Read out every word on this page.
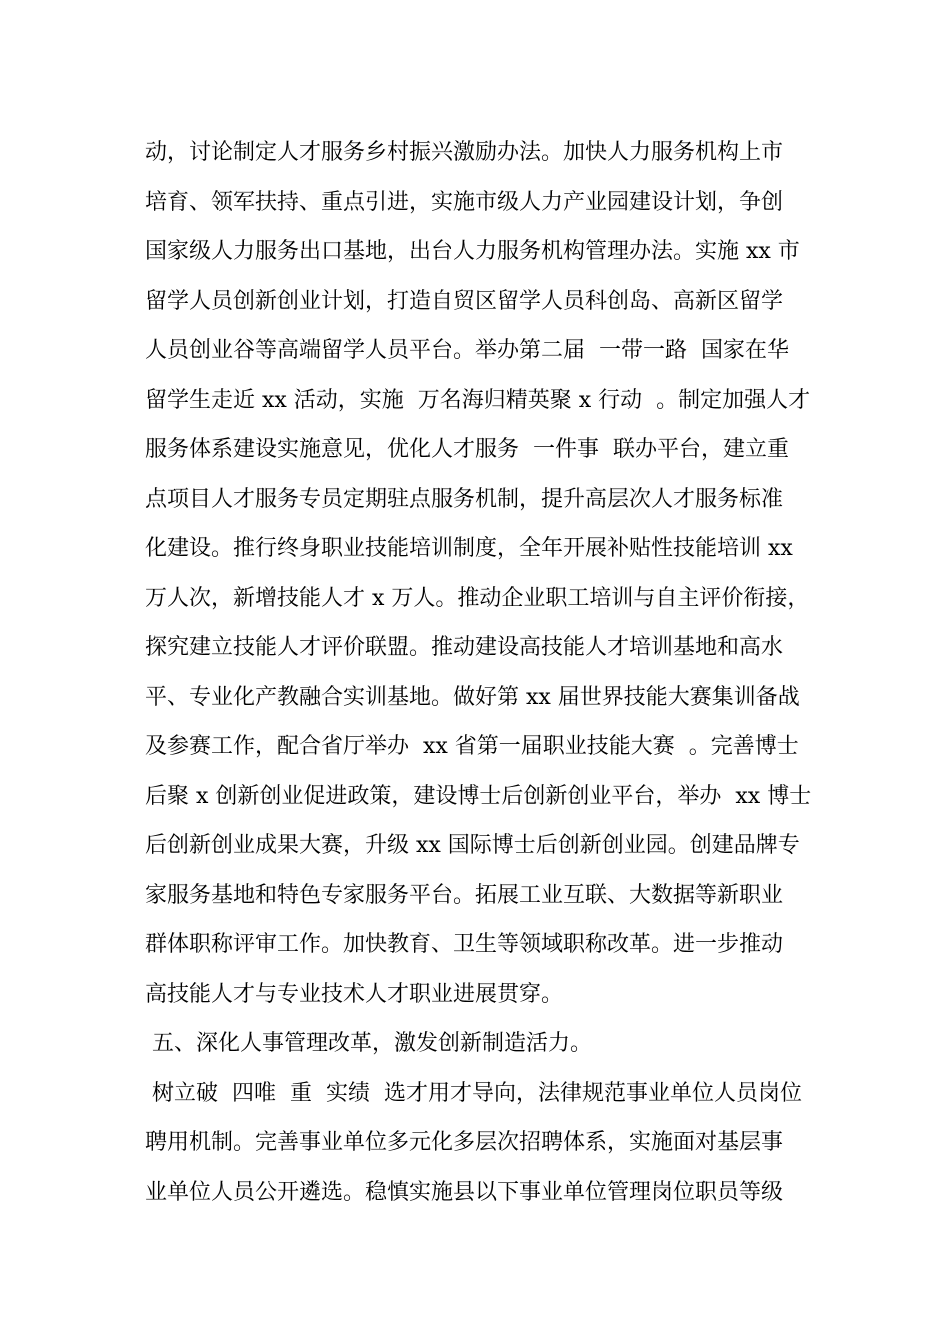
动，讨论制定人才服务乡村振兴激励办法。加快人力服务机构上市
培育、领军扶持、重点引进，实施市级人力产业园建设计划，争创
国家级人力服务出口基地，出台人力服务机构管理办法。实施 xx 市
留学人员创新创业计划，打造自贸区留学人员科创岛、高新区留学
人员创业谷等高端留学人员平台。举办第二届  一带一路  国家在华
留学生走近 xx 活动，实施  万名海归精英聚 x 行动  。制定加强人才
服务体系建设实施意见，优化人才服务  一件事  联办平台，建立重
点项目人才服务专员定期驻点服务机制，提升高层次人才服务标准
化建设。推行终身职业技能培训制度，全年开展补贴性技能培训 xx
万人次，新增技能人才 x 万人。推动企业职工培训与自主评价衔接，
探究建立技能人才评价联盟。推动建设高技能人才培训基地和高水
平、专业化产教融合实训基地。做好第 xx 届世界技能大赛集训备战
及参赛工作，配合省厅举办  xx 省第一届职业技能大赛  。完善博士
后聚 x 创新创业促进政策，建设博士后创新创业平台，举办  xx 博士
后创新创业成果大赛，升级 xx 国际博士后创新创业园。创建品牌专
家服务基地和特色专家服务平台。拓展工业互联、大数据等新职业
群体职称评审工作。加快教育、卫生等领域职称改革。进一步推动
高技能人才与专业技术人才职业进展贯穿。
五、深化人事管理改革，激发创新制造活力。
树立破  四唯  重  实绩  选才用才导向，法律规范事业单位人员岗位
聘用机制。完善事业单位多元化多层次招聘体系，实施面对基层事
业单位人员公开遴选。稳慎实施县以下事业单位管理岗位职员等级
